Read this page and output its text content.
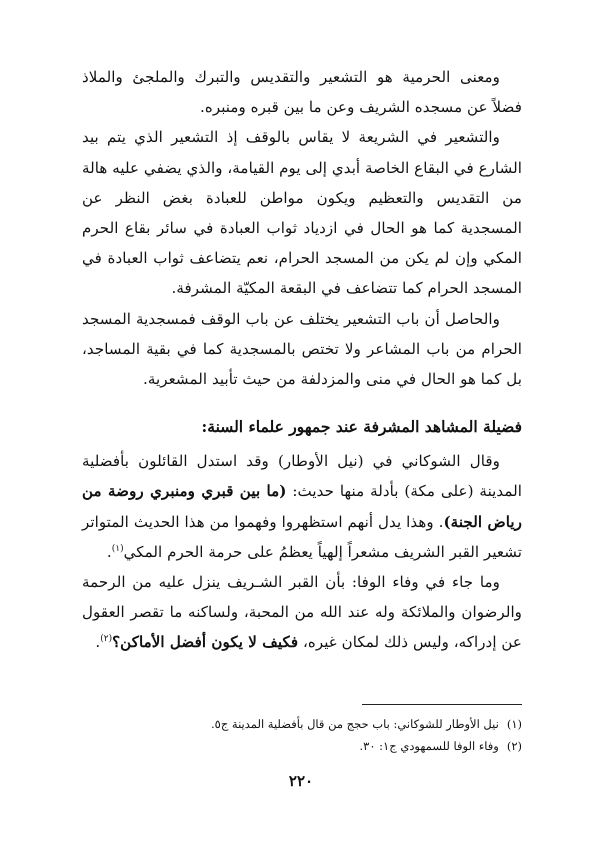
ومعنى الحرمية هو التشعير والتقديس والتبرك والملجئ والملاذ فضلاً عن مسجده الشريف وعن ما بين قبره ومنبره.

والتشعير في الشريعة لا يقاس بالوقف إذ التشعير الذي يتم بيد الشارع في البقاع الخاصة أبدي إلى يوم القيامة، والذي يضفي عليه هالة من التقديس والتعظيم ويكون مواطن للعبادة بغض النظر عن المسجدية كما هو الحال في ازدياد ثواب العبادة في سائر بقاع الحرم المكي وإن لم يكن من المسجد الحرام، نعم يتضاعف ثواب العبادة في المسجد الحرام كما تتضاعف في البقعة المكيّة المشرفة.

والحاصل أن باب التشعير يختلف عن باب الوقف فمسجدية المسجد الحرام من باب المشاعر ولا تختص بالمسجدية كما في بقية المساجد، بل كما هو الحال في منى والمزدلفة من حيث تأبيد المشعرية.

فضيلة المشاهد المشرفة عند جمهور علماء السنة:

وقال الشوكاني في (نيل الأوطار) وقد استدل القائلون بأفضلية المدينة (على مكة) بأدلة منها حديث: (ما بين قبري ومنبري روضة من رياض الجنة). وهذا يدل أنهم استظهروا وفهموا من هذا الحديث المتواتر تشعير القبر الشريف مشعراً إلهياً يعظمُ على حرمة الحرم المكي$^{(١)}$.

وما جاء في وفاء الوفا: بأن القبر الشـريف ينزل عليه من الرحمة والرضوان والملائكة وله عند الله من المحبة، ولساكنه ما تقصر العقول عن إدراكه، وليس ذلك لمكان غيره، فكيف لا يكون أفضل الأماكن؟$^{(٢)}$.

(١)نيل الأوطار للشوكاني: باب حجج من قال بأفضلية المدينة ج٥.

(٢)وفاء الوفا للسمهودي ج١: ٣٠.

٢٢٠
